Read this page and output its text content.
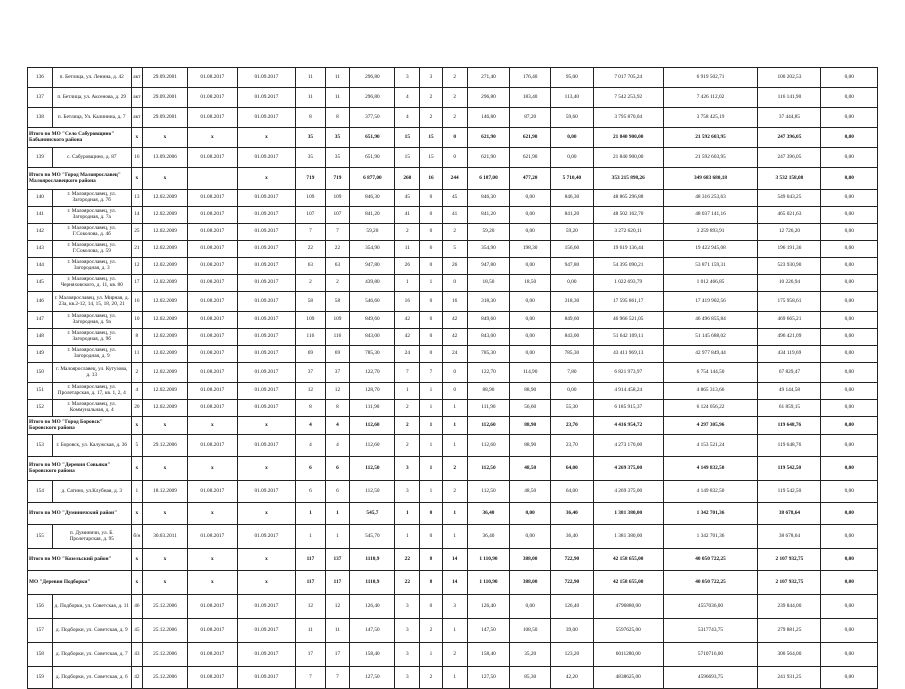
136	п. Бетлица, ул. Ленина, д. 42	акт	29.09.2001	01.08.2017	01.09.2017	11	11	296,80	3	3	2	271,40	176,40	95,00	7 017 705,24	6 919 502,71	100 202,53	0,00
137	п. Бетлица, ул. Аксенова, д. 29	акт	29.09.2001	01.08.2017	01.09.2017	11	11	296,80	4	2	2	296,80	183,40	113,40	7 542 253,92	7 426 112,02	116 141,90	0,00
138	п. Бетлица, Ул. Калинина, д. 7	акт	29.09.2001	01.08.2017	01.09.2017	8	8	377,50	4	2	2	146,80	87,20	59,60	3 795 870,04	3 758 425,19	37 444,85	0,00
Итого по МО "Село Сабуровщино" Бабынинского района		х	х	х	х	35	35	651,90	15	15	0	621,90	621,90	0,00	21 840 900,00	21 592 603,95	247 396,05	0,00
139	с. Сабуровщино, д. 87	16	13.09.2006	01.08.2017	01.09.2017	35	35	651,90	15	15	0	621,90	621,90	0,00	21 840 900,00	21 592 603,95	247 396,05	0,00
Итого по МО "Город Малоярославец" Малоярославецкого района		х	х		х	719	719	6 877,00	260	16	244	6 187,00	477,20	5 710,40	353 215 898,26	349 683 680,18	3 532 158,08	0,00
140	г. Малоярославец, ул. Загородная, д. 7б	13	12.02.2009	01.08.2017	01.09.2017	109	109	846,30	45	0	45	846,30	0,00	846,30	48 865 296,88	48 316 253,63	549 043,25	0,00
141	г. Малоярославец, ул. Загородная, д. 7а	14	12.02.2009	01.08.2017	01.09.2017	107	107	841,20	41	0	41	841,20	0,00	841,20	48 502 162,70	48 037 141,16	465 021,63	0,00
142	г. Малоярославец, ул. Г.Соколова, д. 4б	25	12.02.2009	01.08.2017	01.09.2017	7	7	59,20	2	0	2	59,20	0,00	59,20	3 272 620,11	3 259 893,91	12 726,20	0,00
143	г. Малоярославец, ул. Г.Соколова, д. 59	21	12.02.2009	01.08.2017	01.09.2017	22	22	354,90	11	6	5	354,90	198,30	156,60	19 619 136,44	19 422 945,08	196 191,36	0,00
144	г. Малоярославец, ул. Загородная, д. 3	12	12.02.2009	01.08.2017	01.09.2017	63	63	947,80	26	0	26	947,80	0,00	947,80	54 395 090,21	53 871 159,31	523 930,90	0,00
145	г. Малоярославец, ул. Черняховского, д. 11, кв. 80	17	12.02.2009	01.08.2017	01.09.2017	2	2	439,80	1	1	0	18,50	18,50	0,00	1 022 693,79	1 012 466,85	10 226,94	0,00
146	г. Малоярославец, ул. Мирная, д. 23а, кв.2-12, 14, 15, 18, 20, 21	16	12.02.2009	01.08.2017	01.09.2017	58	58	546,60	16	0	16	318,30	0,00	318,30	17 595 861,17	17 419 902,56	175 958,61	0,00
147	г. Малоярославец, ул. Загородная, д. 9а	10	12.02.2009	01.08.2017	01.09.2017	109	109	849,60	42	0	42	849,60	0,00	849,60	46 966 521,05	46 496 855,84	469 665,21	0,00
148	г. Малоярославец, ул. Загородная, д. 9б	8	12.02.2009	01.08.2017	01.09.2017	116	116	843,00	42	0	42	843,00	0,00	843,00	51 642 109,11	51 145 688,02	496 421,09	0,00
149	г. Малоярославец, ул. Загородная, д. 9	11	12.02.2009	01.08.2017	01.09.2017	69	69	785,30	24	0	24	785,30	0,00	785,30	43 411 969,13	42 977 849,44	434 119,69	0,00
150	г. Малоярославец, ул. Кутузова, д. 13	2	12.02.2009	01.08.2017	01.09.2017	37	37	122,70	7	7	0	122,70	114,90	7,80	6 821 973,97	6 754 144,50	67 829,47	0,00
151	г. Малоярославец, ул. Пролетарская, д. 17, кв. 1, 2, 4	4	12.02.2009	01.08.2017	01.09.2017	12	12	128,70	1	1	0	88,90	88,90	0,00	4 914 458,24	4 865 313,66	49 144,58	0,00
152	г. Малоярославец, ул. Коммунальная, д. 4	20	12.02.2009	01.08.2017	01.09.2017	8	8	111,90	2	1	1	111,90	56,60	55,30	6 185 915,37	6 124 056,22	61 859,15	0,00
Итого по МО "Город Боровск" Боровского района		х	х	х	х	4	4	112,60	2	1	1	112,60	88,90	23,70	4 416 954,72	4 297 305,96	119 648,76	0,00
153	г. Боровск, ул. Калужская, д. 36	5	29.12.2006	01.08.2017	01.09.2017	4	4	112,60	2	1	1	112,60	88,90	23,70	4 273 170,00	4 153 521,24	119 648,76	0,00
Итого по МО "Деревня Совьяки" Боровского района		х	х	х	х	6	6	112,50	3	1	2	112,50	48,50	64,00	4 269 375,00	4 149 832,50	119 542,50	0,00
154	д. Сатино, ул.Клубная, д. 3	1	18.12.2009	01.08.2017	01.09.2017	6	6	112,50	3	1	2	112,50	48,50	64,00	4 269 375,00	4 149 832,50	119 542,50	0,00
Итого по МО "Думиничский район"		х	х	х	х	1	1	545,7	1	0	1	36,40	0,00	36,40	1 381 380,00	1 342 701,36	38 678,64	0,00
155	п. Думиничи, ул. Б. Пролетарская, д. 95	б/н	30.03.2011	01.08.2017	01.09.2017	1	1	545,70	1	0	1	36,40	0,00	36,40	1 381 380,00	1 342 701,36	38 678,64	0,00
Итого по МО "Козельский район"		х	х	х	х	117	137	1110,9	22	8	14	1 110,90	388,00	722,90	42 158 655,00	40 050 722,25	2 107 932,75	0,00
МО "Деревня Подборки"		х	х	х	х	117	117	1110,9	22	8	14	1 110,90	388,00	722,90	42 158 655,00	40 050 722,25	2 107 932,75	0,00
156	д. Подборки, ул. Советская, д. 11	46	25.12.2006	01.08.2017	01.09.2017	12	12	126,40	3	0	3	126,40	0,00	126,40	4796880,00	4557036,00	239 844,00	0,00
157	д. Подборки, ул. Советская, д. 9	45	25.12.2006	01.08.2017	01.09.2017	11	11	147,50	3	2	1	147,50	108,50	39,00	5597625,00	5317743,75	279 881,25	0,00
158	д. Подборки, ул. Советская, д. 7	43	25.12.2006	01.08.2017	01.09.2017	17	17	158,40	3	1	2	158,40	35,20	123,20	6011280,00	5710716,00	300 564,00	0,00
159	д. Подборки, ул. Советская, д. 6	42	25.12.2006	01.08.2017	01.09.2017	7	7	127,50	3	2	1	127,50	85,30	42,20	4838625,00	4596693,75	241 931,25	0,00
